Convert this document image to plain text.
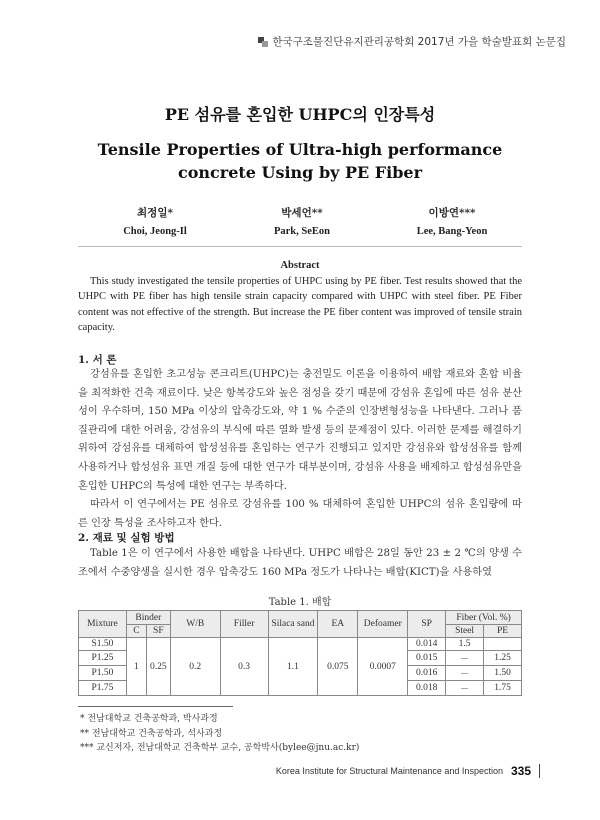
한국구조물진단유지관리공학회 2017년 가을 학술발표회 논문집
PE 섬유를 혼입한 UHPC의 인장특성
Tensile Properties of Ultra-high performance concrete Using by PE Fiber
최정일*
Choi, Jeong-Il
박세언**
Park, SeEon
이방연***
Lee, Bang-Yeon
Abstract
This study investigated the tensile properties of UHPC using by PE fiber. Test results showed that the UHPC with PE fiber has high tensile strain capacity compared with UHPC with steel fiber. PE Fiber content was not effective of the strength. But increase the PE fiber content was improved of tensile strain capacity.
1. 서 론

강섬유를 혼입한 초고성능 콘크리트(UHPC)는 충전밀도 이론을 이용하여 배합 재료와 혼합 비율을 최적화한 건축 재료이다. 낮은 항복강도와 높은 점성을 갖기 때문에 강섬유 혼입에 따른 섬유 분산성이 우수하며, 150 MPa 이상의 압축강도와, 약 1 % 수준의 인장변형성능을 나타낸다. 그러나 품질관리에 대한 어려움, 강섬유의 부식에 따른 열화 발생 등의 문제점이 있다. 이러한 문제를 해결하기 위하여 강섬유를 대체하여 합성섬유를 혼입하는 연구가 진행되고 있지만 강섬유와 합성섬유를 함께 사용하거나 합성섬유 표면 개질 등에 대한 연구가 대부분이며, 강섬유 사용을 배제하고 합성섬유만을 혼입한 UHPC의 특성에 대한 연구는 부족하다.

따라서 이 연구에서는 PE 섬유로 강섬유를 100 % 대체하여 혼입한 UHPC의 섬유 혼입량에 따른 인장 특성을 조사하고자 한다.

2. 재료 및 실험 방법

Table 1은 이 연구에서 사용한 배합을 나타낸다. UHPC 배합은 28일 동안 23 ± 2 ℃의 양생 수조에서 수중양생을 실시한 경우 압축강도 160 MPa 정도가 나타나는 배합(KICT)을 사용하였

Table 1. 배합
Mixture	Binder		W/B	Filler	Silaca sand	EA	Defoamer	SP	Fiber (Vol. %)	
	C	SF							Steel	PE
S1.50	1	0.25	0.2	0.3	1.1	0.075	0.0007	0.014	1.5	
P1.25								0.015	－	1.25
P1.50								0.016	－	1.50
P1.75								0.018	－	1.75
* 전남대학교 건축공학과, 박사과정
** 전남대학교 건축공학과, 석사과정
*** 교신저자, 전남대학교 건축학부 교수, 공학박사(bylee@jnu.ac.kr)
Korea Institute for Structural Maintenance and Inspection 335
